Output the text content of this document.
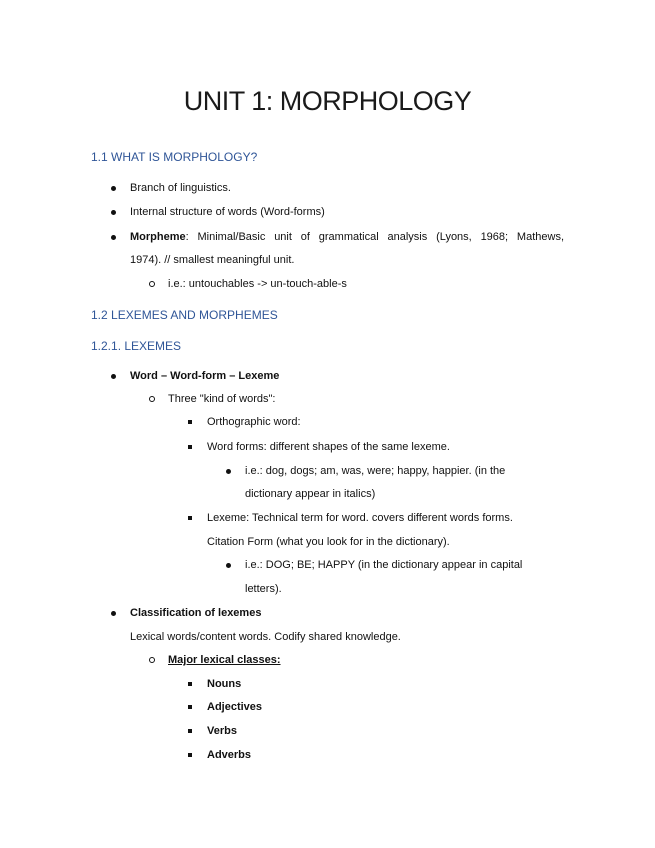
UNIT 1: MORPHOLOGY
1.1 WHAT IS MORPHOLOGY?
Branch of linguistics.
Internal structure of words (Word-forms)
Morpheme: Minimal/Basic unit of grammatical analysis (Lyons, 1968; Mathews,
1974). // smallest meaningful unit.
i.e.: untouchables -> un-touch-able-s
1.2 LEXEMES AND MORPHEMES
1.2.1. LEXEMES
Word – Word-form – Lexeme
Three "kind of words":
Orthographic word:
Word forms: different shapes of the same lexeme.
i.e.: dog, dogs; am, was, were; happy, happier. (in the
dictionary appear in italics)
Lexeme: Technical term for word. covers different words forms.
Citation Form (what you look for in the dictionary).
i.e.: DOG; BE; HAPPY (in the dictionary appear in capital
letters).
Classification of lexemes
Lexical words/content words. Codify shared knowledge.
Major lexical classes:
Nouns
Adjectives
Verbs
Adverbs
